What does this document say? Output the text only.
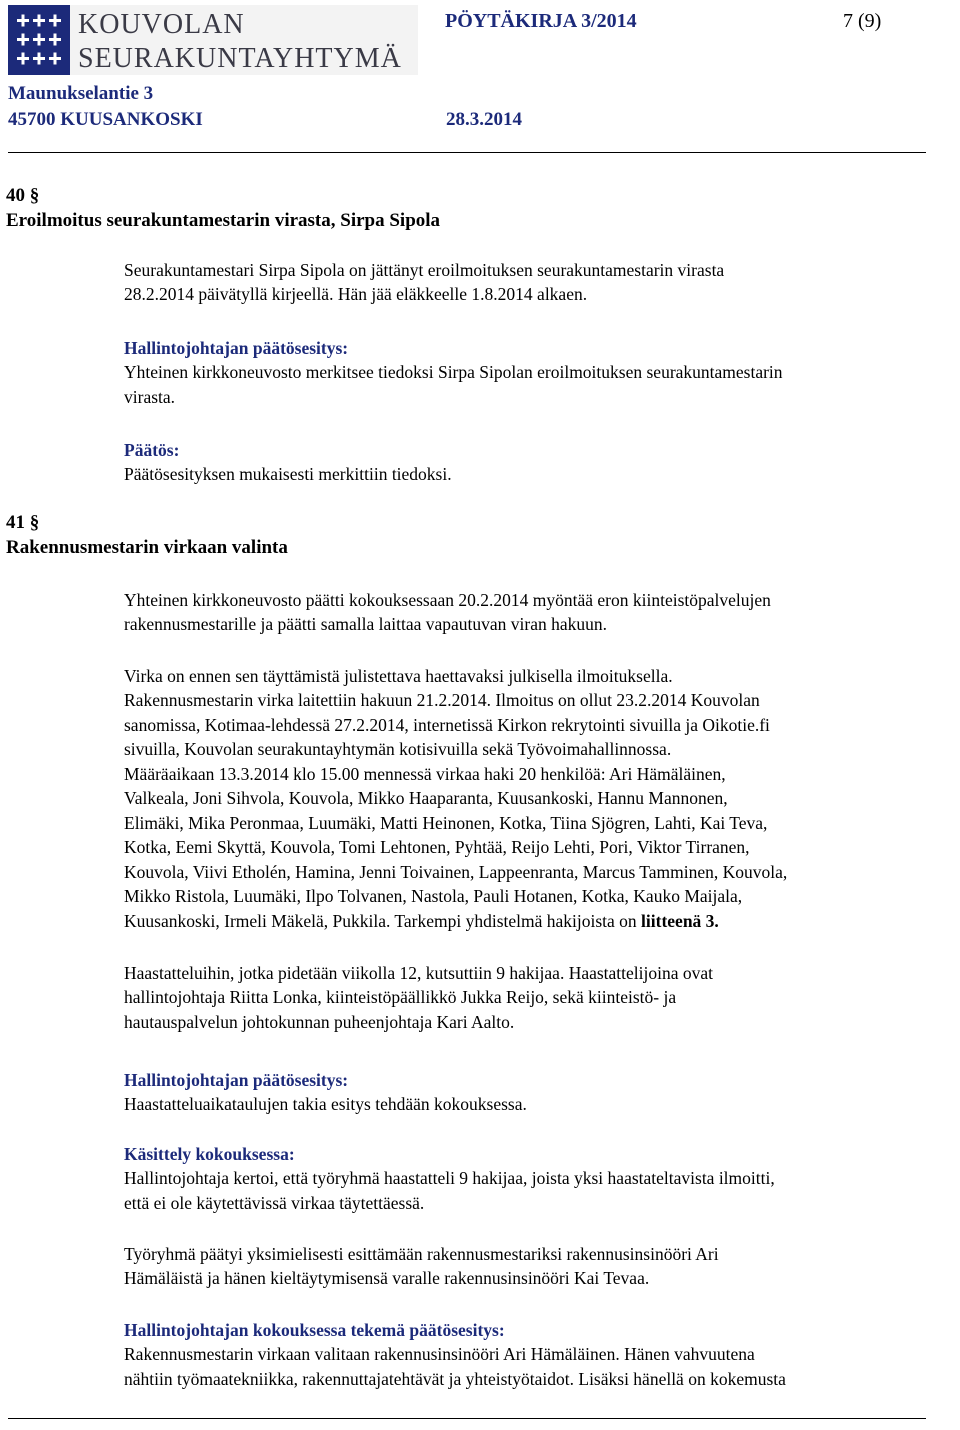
KOUVOLAN
SEURAKUNTAYHTYMÄ
PÖYTÄKIRJA 3/2014	7 (9)
Maunukselantie 3
45700 KUUSANKOSKI	28.3.2014
40 §
Eroilmoitus seurakuntamestarin virasta, Sirpa Sipola
Seurakuntamestari Sirpa Sipola on jättänyt eroilmoituksen seurakuntamestarin virasta
28.2.2014 päivätyllä kirjeellä. Hän jää eläkkeelle 1.8.2014 alkaen.
Hallintojohtajan päätösesitys:
Yhteinen kirkkoneuvosto merkitsee tiedoksi Sirpa Sipolan eroilmoituksen seurakuntamestarin
virasta.
Päätös:
Päätösesityksen mukaisesti merkittiin tiedoksi.
41 §
Rakennusmestarin virkaan valinta
Yhteinen kirkkoneuvosto päätti kokouksessaan 20.2.2014 myöntää eron kiinteistöpalvelujen
rakennusmestarille ja päätti samalla laittaa vapautuvan viran hakuun.
Virka on ennen sen täyttämistä julistettava haettavaksi julkisella ilmoituksella.
Rakennusmestarin virka laitettiin hakuun 21.2.2014. Ilmoitus on ollut 23.2.2014 Kouvolan
sanomissa, Kotimaa-lehdessä 27.2.2014, internetissä Kirkon rekrytointi sivuilla ja Oikotie.fi
sivuilla, Kouvolan seurakuntayhtymän kotisivuilla sekä Työvoimahallinnossa.
Määräaikaan 13.3.2014 klo 15.00 mennessä virkaa haki 20 henkilöä: Ari Hämäläinen,
Valkeala, Joni Sihvola, Kouvola, Mikko Haaparanta, Kuusankoski, Hannu Mannonen,
Elimäki, Mika Peronmaa, Luumäki, Matti Heinonen, Kotka, Tiina Sjögren, Lahti, Kai Teva,
Kotka, Eemi Skyttä, Kouvola, Tomi Lehtonen, Pyhtää, Reijo Lehti, Pori, Viktor Tirranen,
Kouvola, Viivi Etholén, Hamina, Jenni Toivainen, Lappeenranta, Marcus Tamminen, Kouvola,
Mikko Ristola, Luumäki, Ilpo Tolvanen, Nastola, Pauli Hotanen, Kotka, Kauko Maijala,
Kuusankoski, Irmeli Mäkelä, Pukkila. Tarkempi yhdistelmä hakijoista on liitteenä 3.
Haastatteluihin, jotka pidetään viikolla 12, kutsuttiin 9 hakijaa. Haastattelijoina ovat
hallintojohtaja Riitta Lonka, kiinteistöpäällikkö Jukka Reijo, sekä kiinteistö- ja
hautauspalvelun johtokunnan puheenjohtaja Kari Aalto.
Hallintojohtajan päätösesitys:
Haastatteluaikataulujen takia esitys tehdään kokouksessa.
Käsittely kokouksessa:
Hallintojohtaja kertoi, että työryhmä haastatteli 9 hakijaa, joista yksi haastateltavista ilmoitti,
että ei ole käytettävissä virkaa täytettäessä.
Työryhmä päätyi yksimielisesti esittämään rakennusmestariksi rakennusinsinööri Ari
Hämäläistä ja hänen kieltäytymisensä varalle rakennusinsinööri Kai Tevaa.
Hallintojohtajan kokouksessa tekemä päätösesitys:
Rakennusmestarin virkaan valitaan rakennusinsinööri Ari Hämäläinen. Hänen vahvuutena
nähtiin työmaatekniikka, rakennuttajatehtävät ja yhteistyötaidot. Lisäksi hänellä on kokemusta
